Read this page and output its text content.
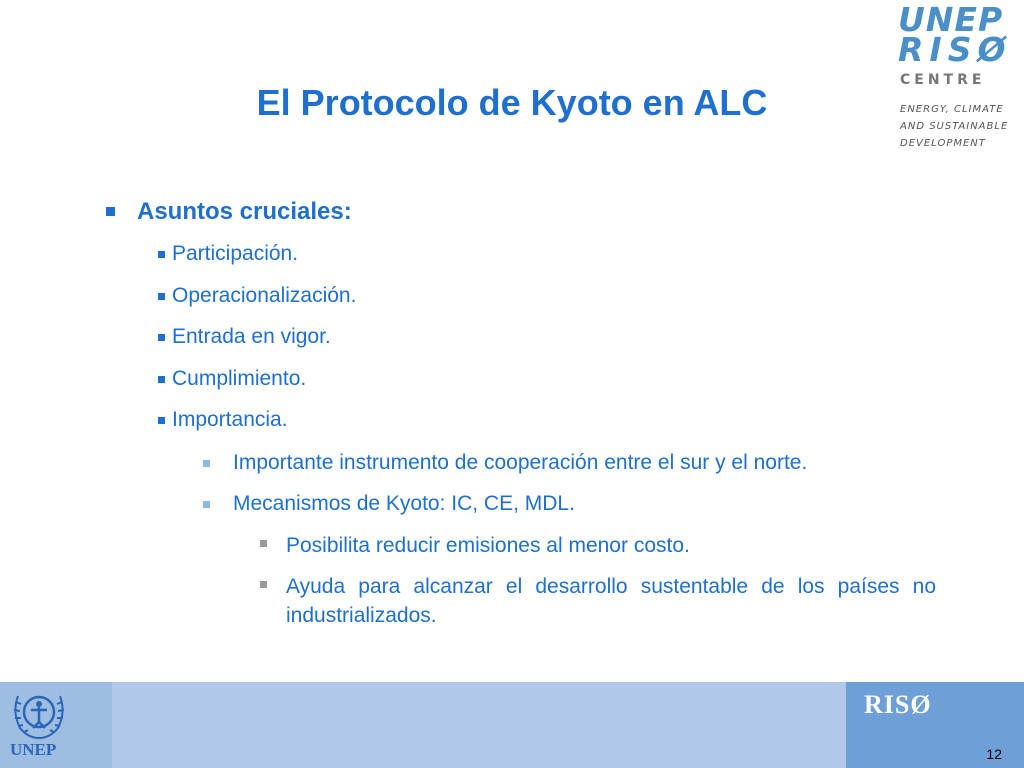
El Protocolo de Kyoto en ALC
UNEP
RISØ
CENTRE
ENERGY, CLIMATE
AND SUSTAINABLE
DEVELOPMENT
Asuntos cruciales:
Participación.
Operacionalización.
Entrada en vigor.
Cumplimiento.
Importancia.
Importante instrumento de cooperación entre el sur y el norte.
Mecanismos de Kyoto: IC, CE, MDL.
Posibilita reducir emisiones al menor costo.
Ayuda para alcanzar el desarrollo sustentable de los países no industrializados.
UNEP
RISØ
12
